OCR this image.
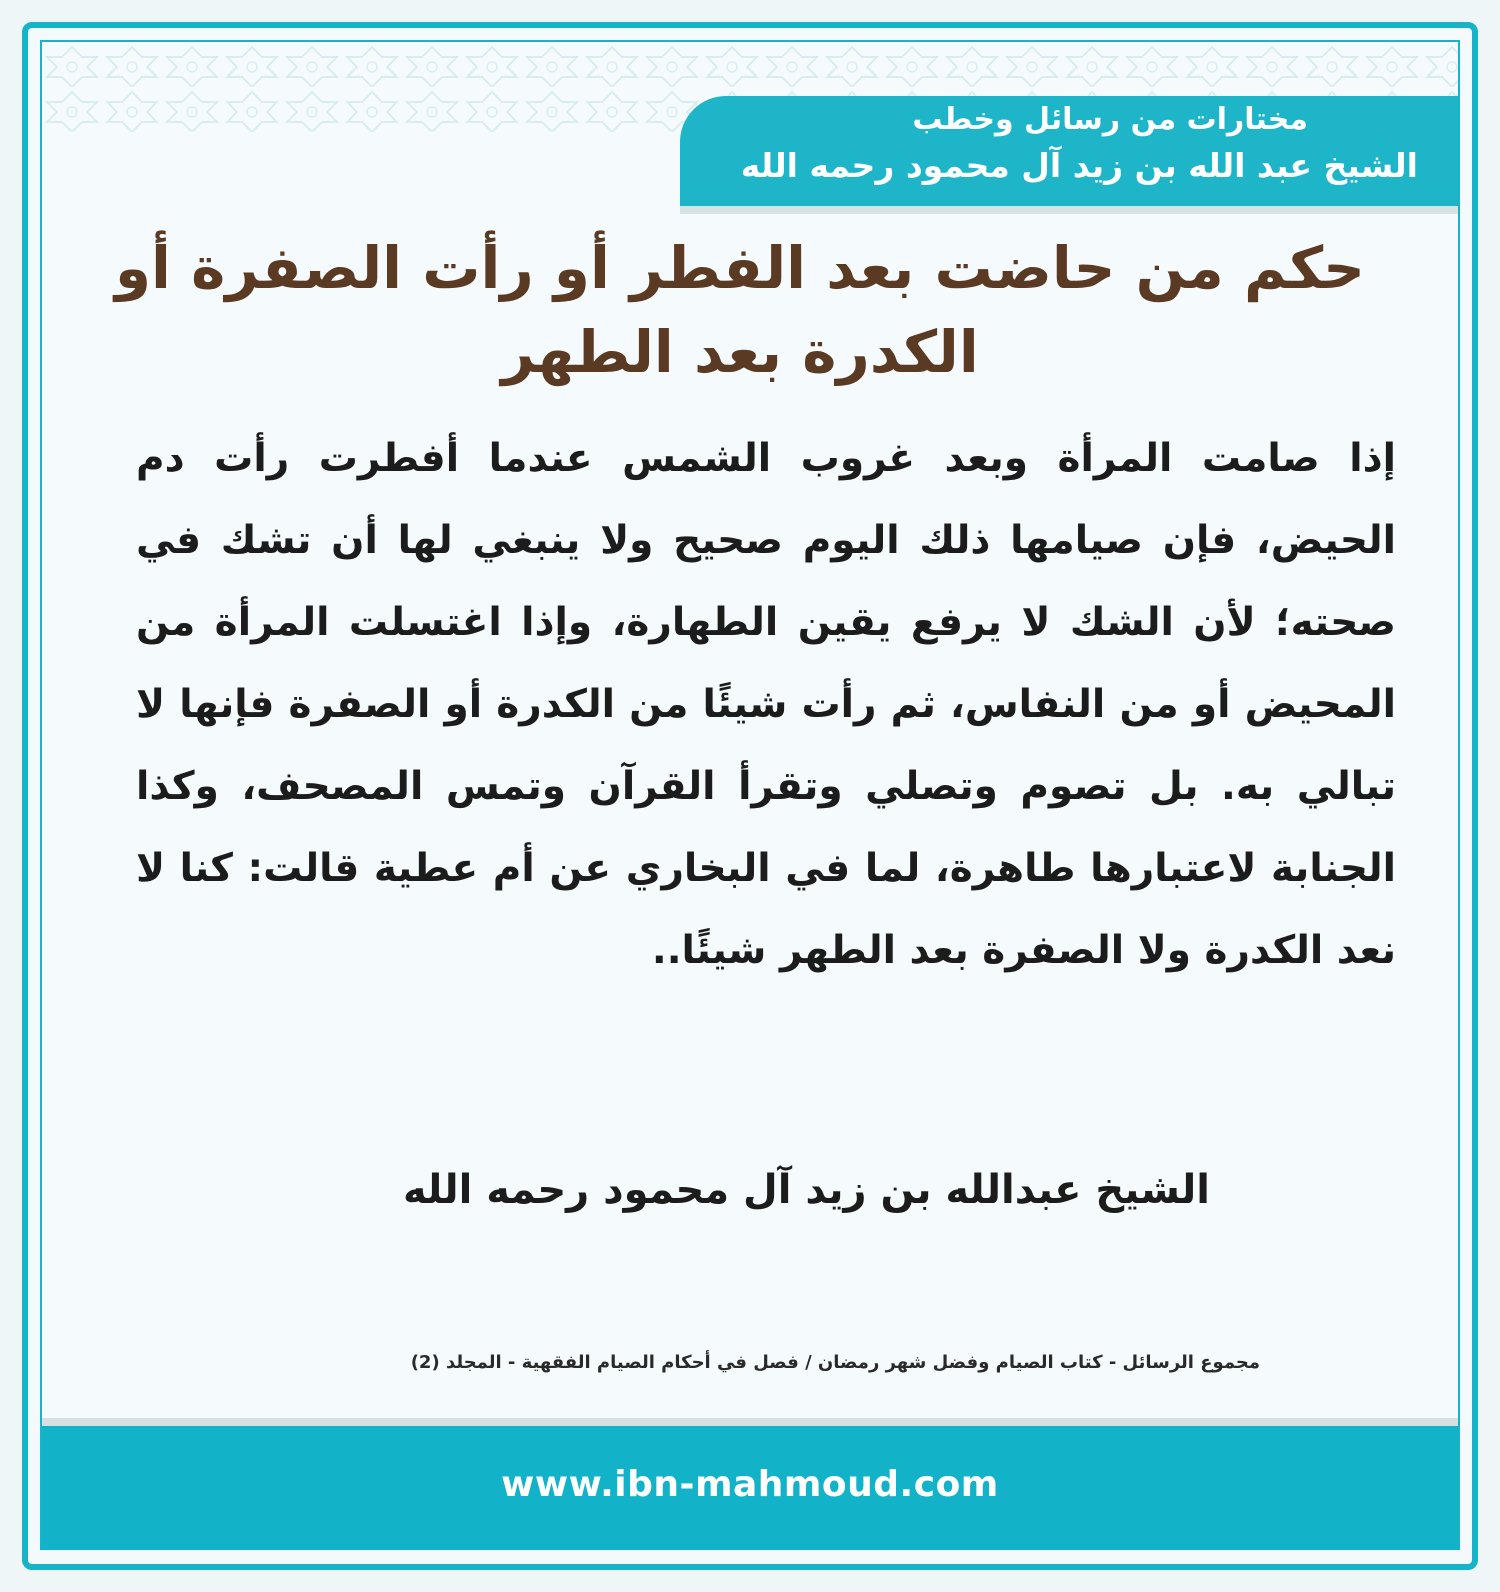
مختارات من رسائل وخطب
الشيخ عبد الله بن زيد آل محمود رحمه الله
حكم من حاضت بعد الفطر أو رأت الصفرة أو الكدرة بعد الطهر
إذا صامت المرأة وبعد غروب الشمس عندما أفطرت رأت دم الحيض، فإن صيامها ذلك اليوم صحيح ولا ينبغي لها أن تشك في صحته؛ لأن الشك لا يرفع يقين الطهارة، وإذا اغتسلت المرأة من المحيض أو من النفاس، ثم رأت شيئًا من الكدرة أو الصفرة فإنها لا تبالي به. بل تصوم وتصلي وتقرأ القرآن وتمس المصحف، وكذا الجنابة لاعتبارها طاهرة، لما في البخاري عن أم عطية قالت: كنا لا نعد الكدرة ولا الصفرة بعد الطهر شيئًا..
الشيخ عبدالله بن زيد آل محمود رحمه الله
مجموع الرسائل - كتاب الصيام وفضل شهر رمضان / فصل في أحكام الصيام الفقهية - المجلد (2)
www.ibn-mahmoud.com
